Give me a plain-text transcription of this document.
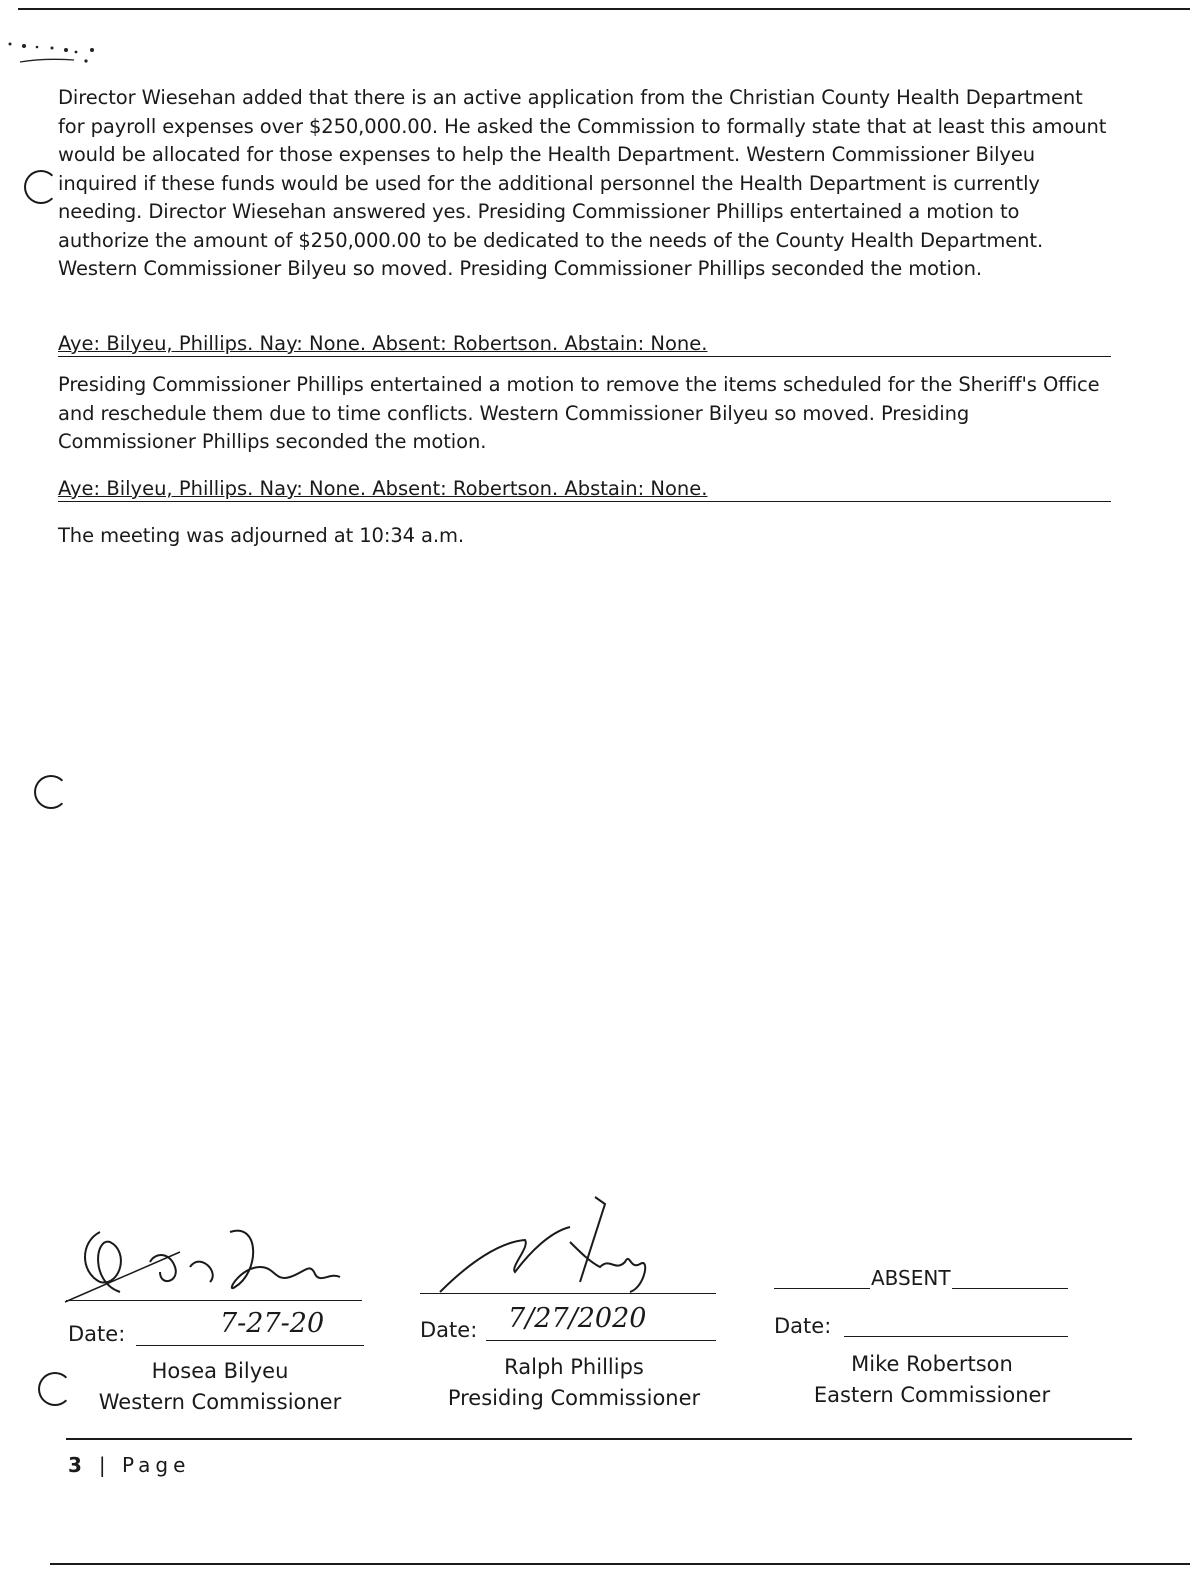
Director Wiesehan added that there is an active application from the Christian County Health Department for payroll expenses over $250,000.00. He asked the Commission to formally state that at least this amount would be allocated for those expenses to help the Health Department. Western Commissioner Bilyeu inquired if these funds would be used for the additional personnel the Health Department is currently needing. Director Wiesehan answered yes. Presiding Commissioner Phillips entertained a motion to authorize the amount of $250,000.00 to be dedicated to the needs of the County Health Department. Western Commissioner Bilyeu so moved. Presiding Commissioner Phillips seconded the motion.
Aye: Bilyeu, Phillips. Nay: None. Absent: Robertson. Abstain: None.
Presiding Commissioner Phillips entertained a motion to remove the items scheduled for the Sheriff's Office and reschedule them due to time conflicts. Western Commissioner Bilyeu so moved. Presiding Commissioner Phillips seconded the motion.
Aye: Bilyeu, Phillips. Nay: None. Absent: Robertson. Abstain: None.
The meeting was adjourned at 10:34 a.m.
Date:	7-27-20
Hosea Bilyeu
Western Commissioner
Date: 7/27/2020
Ralph Phillips
Presiding Commissioner
ABSENT
Date:
Mike Robertson
Eastern Commissioner
3 | Page
